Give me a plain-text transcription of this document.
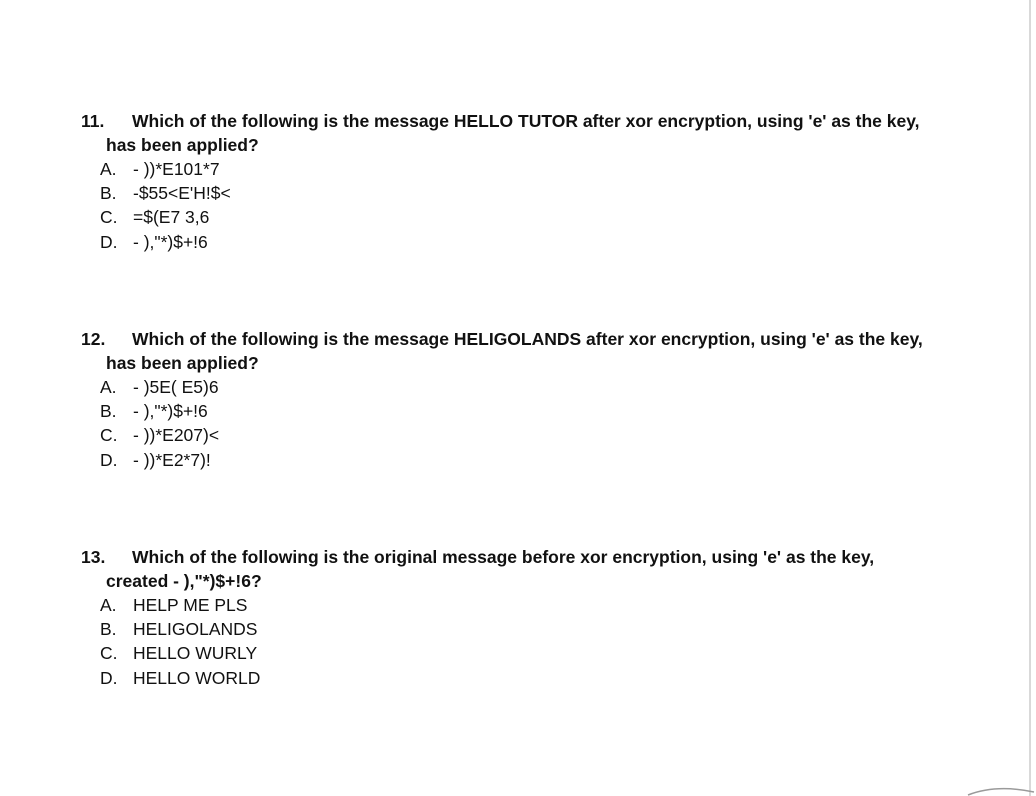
11. Which of the following is the message HELLO TUTOR after xor encryption, using 'e' as the key,
has been applied?
A. - ))*E101*7
B. -$55<E'H!$<
C. =$(E7 3,6
D. - ),"*)$+!6
12. Which of the following is the message HELIGOLANDS after xor encryption, using 'e' as the key,
has been applied?
A. - )5E( E5)6
B. - ),"*)$+!6
C. - ))*E207)<
D. - ))*E2*7)!
13. Which of the following is the original message before xor encryption, using 'e' as the key,
created - ),"*)$+!6?
A. HELP ME PLS
B. HELIGOLANDS
C. HELLO WURLY
D. HELLO WORLD
